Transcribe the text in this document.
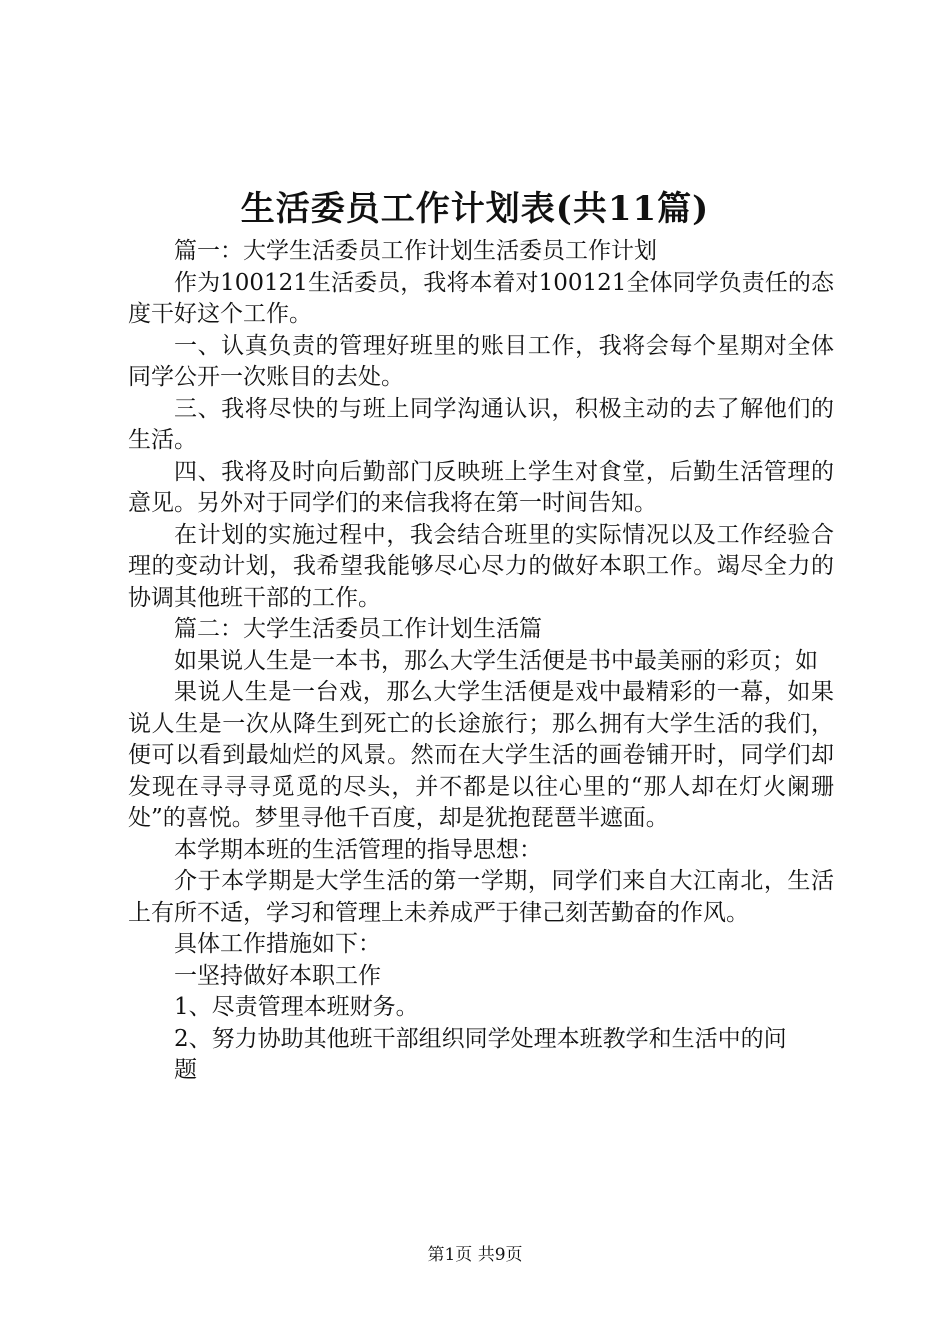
生活委员工作计划表(共11篇)

篇一：大学生活委员工作计划生活委员工作计划

作为100121生活委员，我将本着对100121全体同学负责任的态度干好这个工作。

一、认真负责的管理好班里的账目工作，我将会每个星期对全体同学公开一次账目的去处。

三、我将尽快的与班上同学沟通认识，积极主动的去了解他们的生活。

四、我将及时向后勤部门反映班上学生对食堂，后勤生活管理的意见。另外对于同学们的来信我将在第一时间告知。

在计划的实施过程中，我会结合班里的实际情况以及工作经验合理的变动计划，我希望我能够尽心尽力的做好本职工作。竭尽全力的协调其他班干部的工作。

篇二：大学生活委员工作计划生活篇

如果说人生是一本书，那么大学生活便是书中最美丽的彩页；如

果说人生是一台戏，那么大学生活便是戏中最精彩的一幕，如果说人生是一次从降生到死亡的长途旅行；那么拥有大学生活的我们，便可以看到最灿烂的风景。然而在大学生活的画卷铺开时，同学们却发现在寻寻寻觅觅的尽头，并不都是以往心里的“那人却在灯火阑珊处”的喜悦。梦里寻他千百度，却是犹抱琵琶半遮面。

本学期本班的生活管理的指导思想：

介于本学期是大学生活的第一学期，同学们来自大江南北，生活上有所不适，学习和管理上未养成严于律己刻苦勤奋的作风。

具体工作措施如下：

一坚持做好本职工作

1、尽责管理本班财务。

2、努力协助其他班干部组织同学处理本班教学和生活中的问

题

第1页 共9页
